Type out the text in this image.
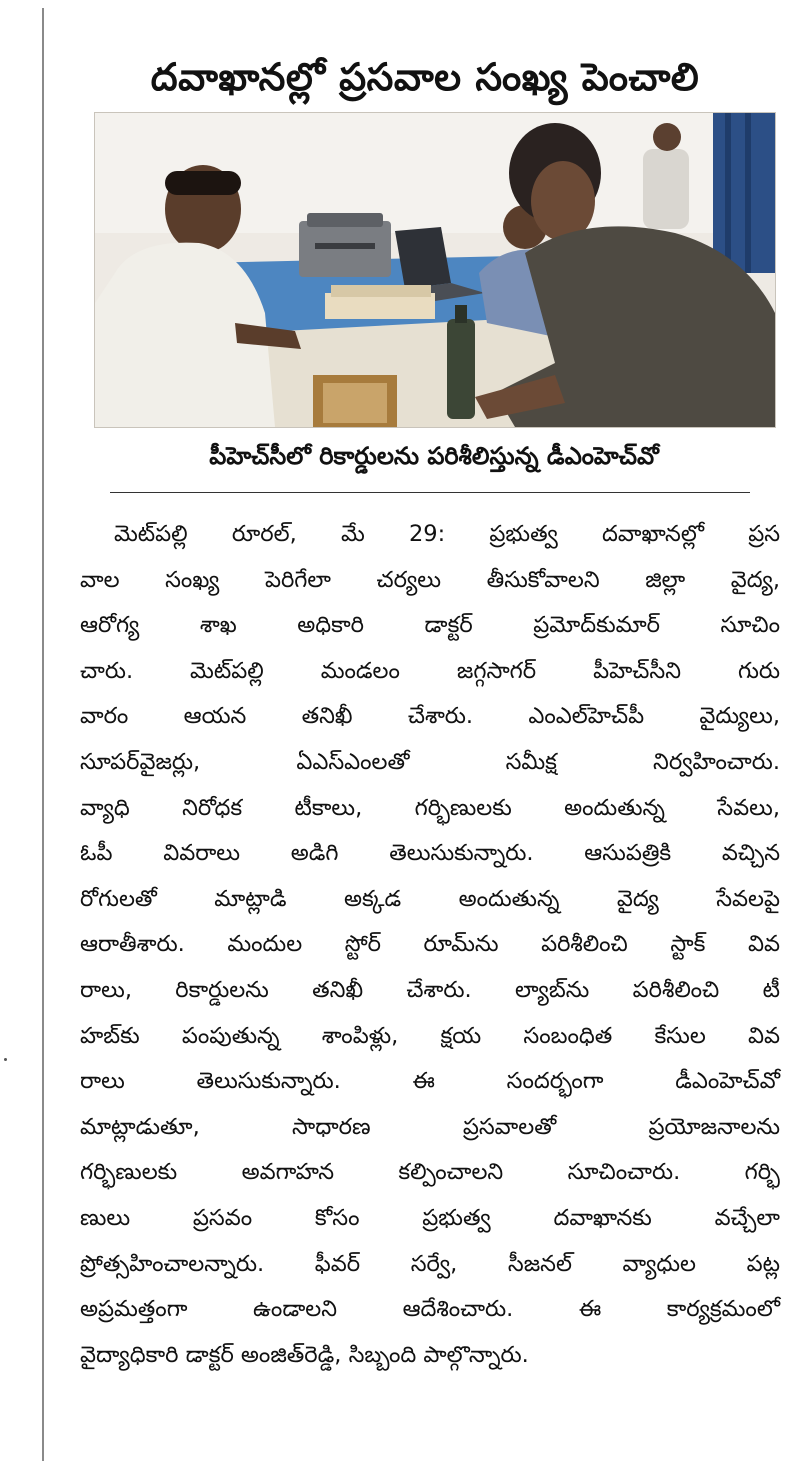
దవాఖానల్లో ప్రసవాల సంఖ్య పెంచాలి
పీహెచ్‌సీలో రికార్డులను పరిశీలిస్తున్న డీఎంహెచ్‌వో
మెట్‌పల్లి రూరల్‌, మే 29: ప్రభుత్వ దవాఖానల్లో ప్రస
వాల సంఖ్య పెరిగేలా చర్యలు తీసుకోవాలని జిల్లా వైద్య,
ఆరోగ్య శాఖ అధికారి డాక్టర్‌ ప్రమోద్‌కుమార్‌ సూచిం
చారు. మెట్‌పల్లి మండలం జగ్గసాగర్‌ పీహెచ్‌సీని గురు
వారం ఆయన తనిఖీ చేశారు. ఎంఎల్‌హెచ్‌పీ వైద్యులు,
సూపర్‌వైజర్లు, ఏఎస్‌ఎంలతో సమీక్ష నిర్వహించారు.
వ్యాధి నిరోధక టీకాలు, గర్భిణులకు అందుతున్న సేవలు,
ఓపీ వివరాలు అడిగి తెలుసుకున్నారు. ఆసుపత్రికి వచ్చిన
రోగులతో మాట్లాడి అక్కడ అందుతున్న వైద్య సేవలపై
ఆరాతీశారు. మందుల స్టోర్‌ రూమ్‌ను పరిశీలించి స్టాక్‌ వివ
రాలు, రికార్డులను తనిఖీ చేశారు. ల్యాబ్‌ను పరిశీలించి టీ
హబ్‌కు పంపుతున్న శాంపిళ్లు, క్షయ సంబంధిత కేసుల వివ
రాలు తెలుసుకున్నారు. ఈ సందర్భంగా డీఎంహెచ్‌వో
మాట్లాడుతూ, సాధారణ ప్రసవాలతో ప్రయోజనాలను
గర్భిణులకు అవగాహన కల్పించాలని సూచించారు. గర్భి
ణులు ప్రసవం కోసం ప్రభుత్వ దవాఖానకు వచ్చేలా
ప్రోత్సహించాలన్నారు. ఫీవర్‌ సర్వే, సీజనల్‌ వ్యాధుల పట్ల
అప్రమత్తంగా ఉండాలని ఆదేశించారు. ఈ కార్యక్రమంలో
వైద్యాధికారి డాక్టర్‌ అంజిత్‌రెడ్డి, సిబ్బంది పాల్గొన్నారు.
